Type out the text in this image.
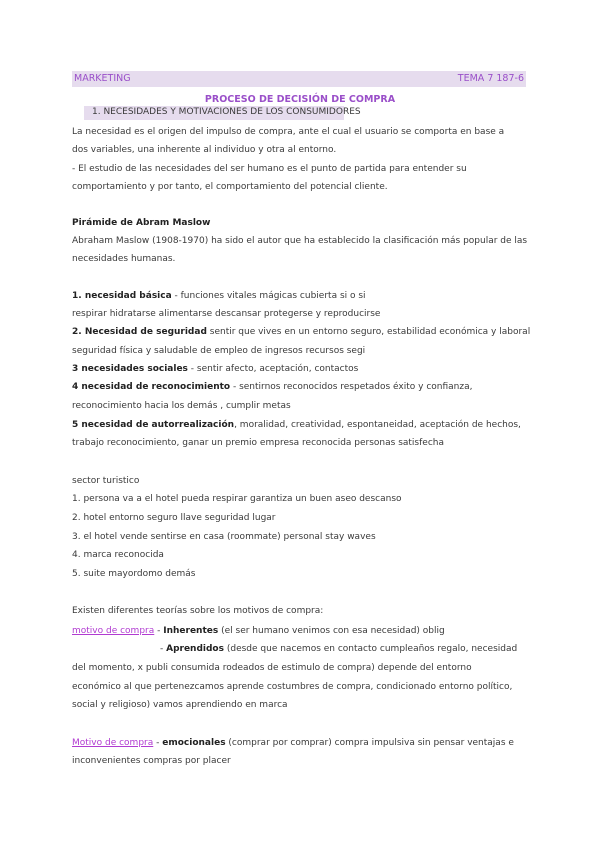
MARKETING	TEMA 7 187-6
PROCESO DE DECISIÓN DE COMPRA
1. NECESIDADES Y MOTIVACIONES DE LOS CONSUMIDORES
La necesidad es el origen del impulso de compra, ante el cual el usuario se comporta en base a
dos variables, una inherente al individuo y otra al entorno.
- El estudio de las necesidades del ser humano es el punto de partida para entender su
comportamiento y por tanto, el comportamiento del potencial cliente.
Pirámide de Abram Maslow
Abraham Maslow (1908-1970) ha sido el autor que ha establecido la clasificación más popular de las
necesidades humanas.
1. necesidad básica - funciones vitales mágicas cubierta si o si
respirar hidratarse alimentarse descansar protegerse y reproducirse
2. Necesidad de seguridad sentir que vives en un entorno seguro, estabilidad económica y laboral
seguridad física y saludable de empleo de ingresos recursos segi
3 necesidades sociales - sentir afecto, aceptación, contactos
4 necesidad de reconocimiento - sentirnos reconocidos respetados éxito y confianza,
reconocimiento hacia los demás , cumplir metas
5 necesidad de autorrealización, moralidad, creatividad, espontaneidad, aceptación de hechos,
trabajo reconocimiento, ganar un premio empresa reconocida personas satisfecha
sector turistico
1. persona va a el hotel pueda respirar garantiza un buen aseo descanso
2. hotel entorno seguro llave seguridad lugar
3. el hotel vende sentirse en casa (roommate) personal stay waves
4. marca reconocida
5. suite mayordomo demás
Existen diferentes teorías sobre los motivos de compra:
motivo de compra - Inherentes (el ser humano venimos con esa necesidad) oblig
- Aprendidos (desde que nacemos en contacto cumpleaños regalo, necesidad
del momento, x publi consumida rodeados de estimulo de compra) depende del entorno
económico al que pertenezcamos aprende costumbres de compra, condicionado entorno político,
social y religioso) vamos aprendiendo en marca
Motivo de compra - emocionales (comprar por comprar) compra impulsiva sin pensar ventajas e
inconvenientes compras por placer
